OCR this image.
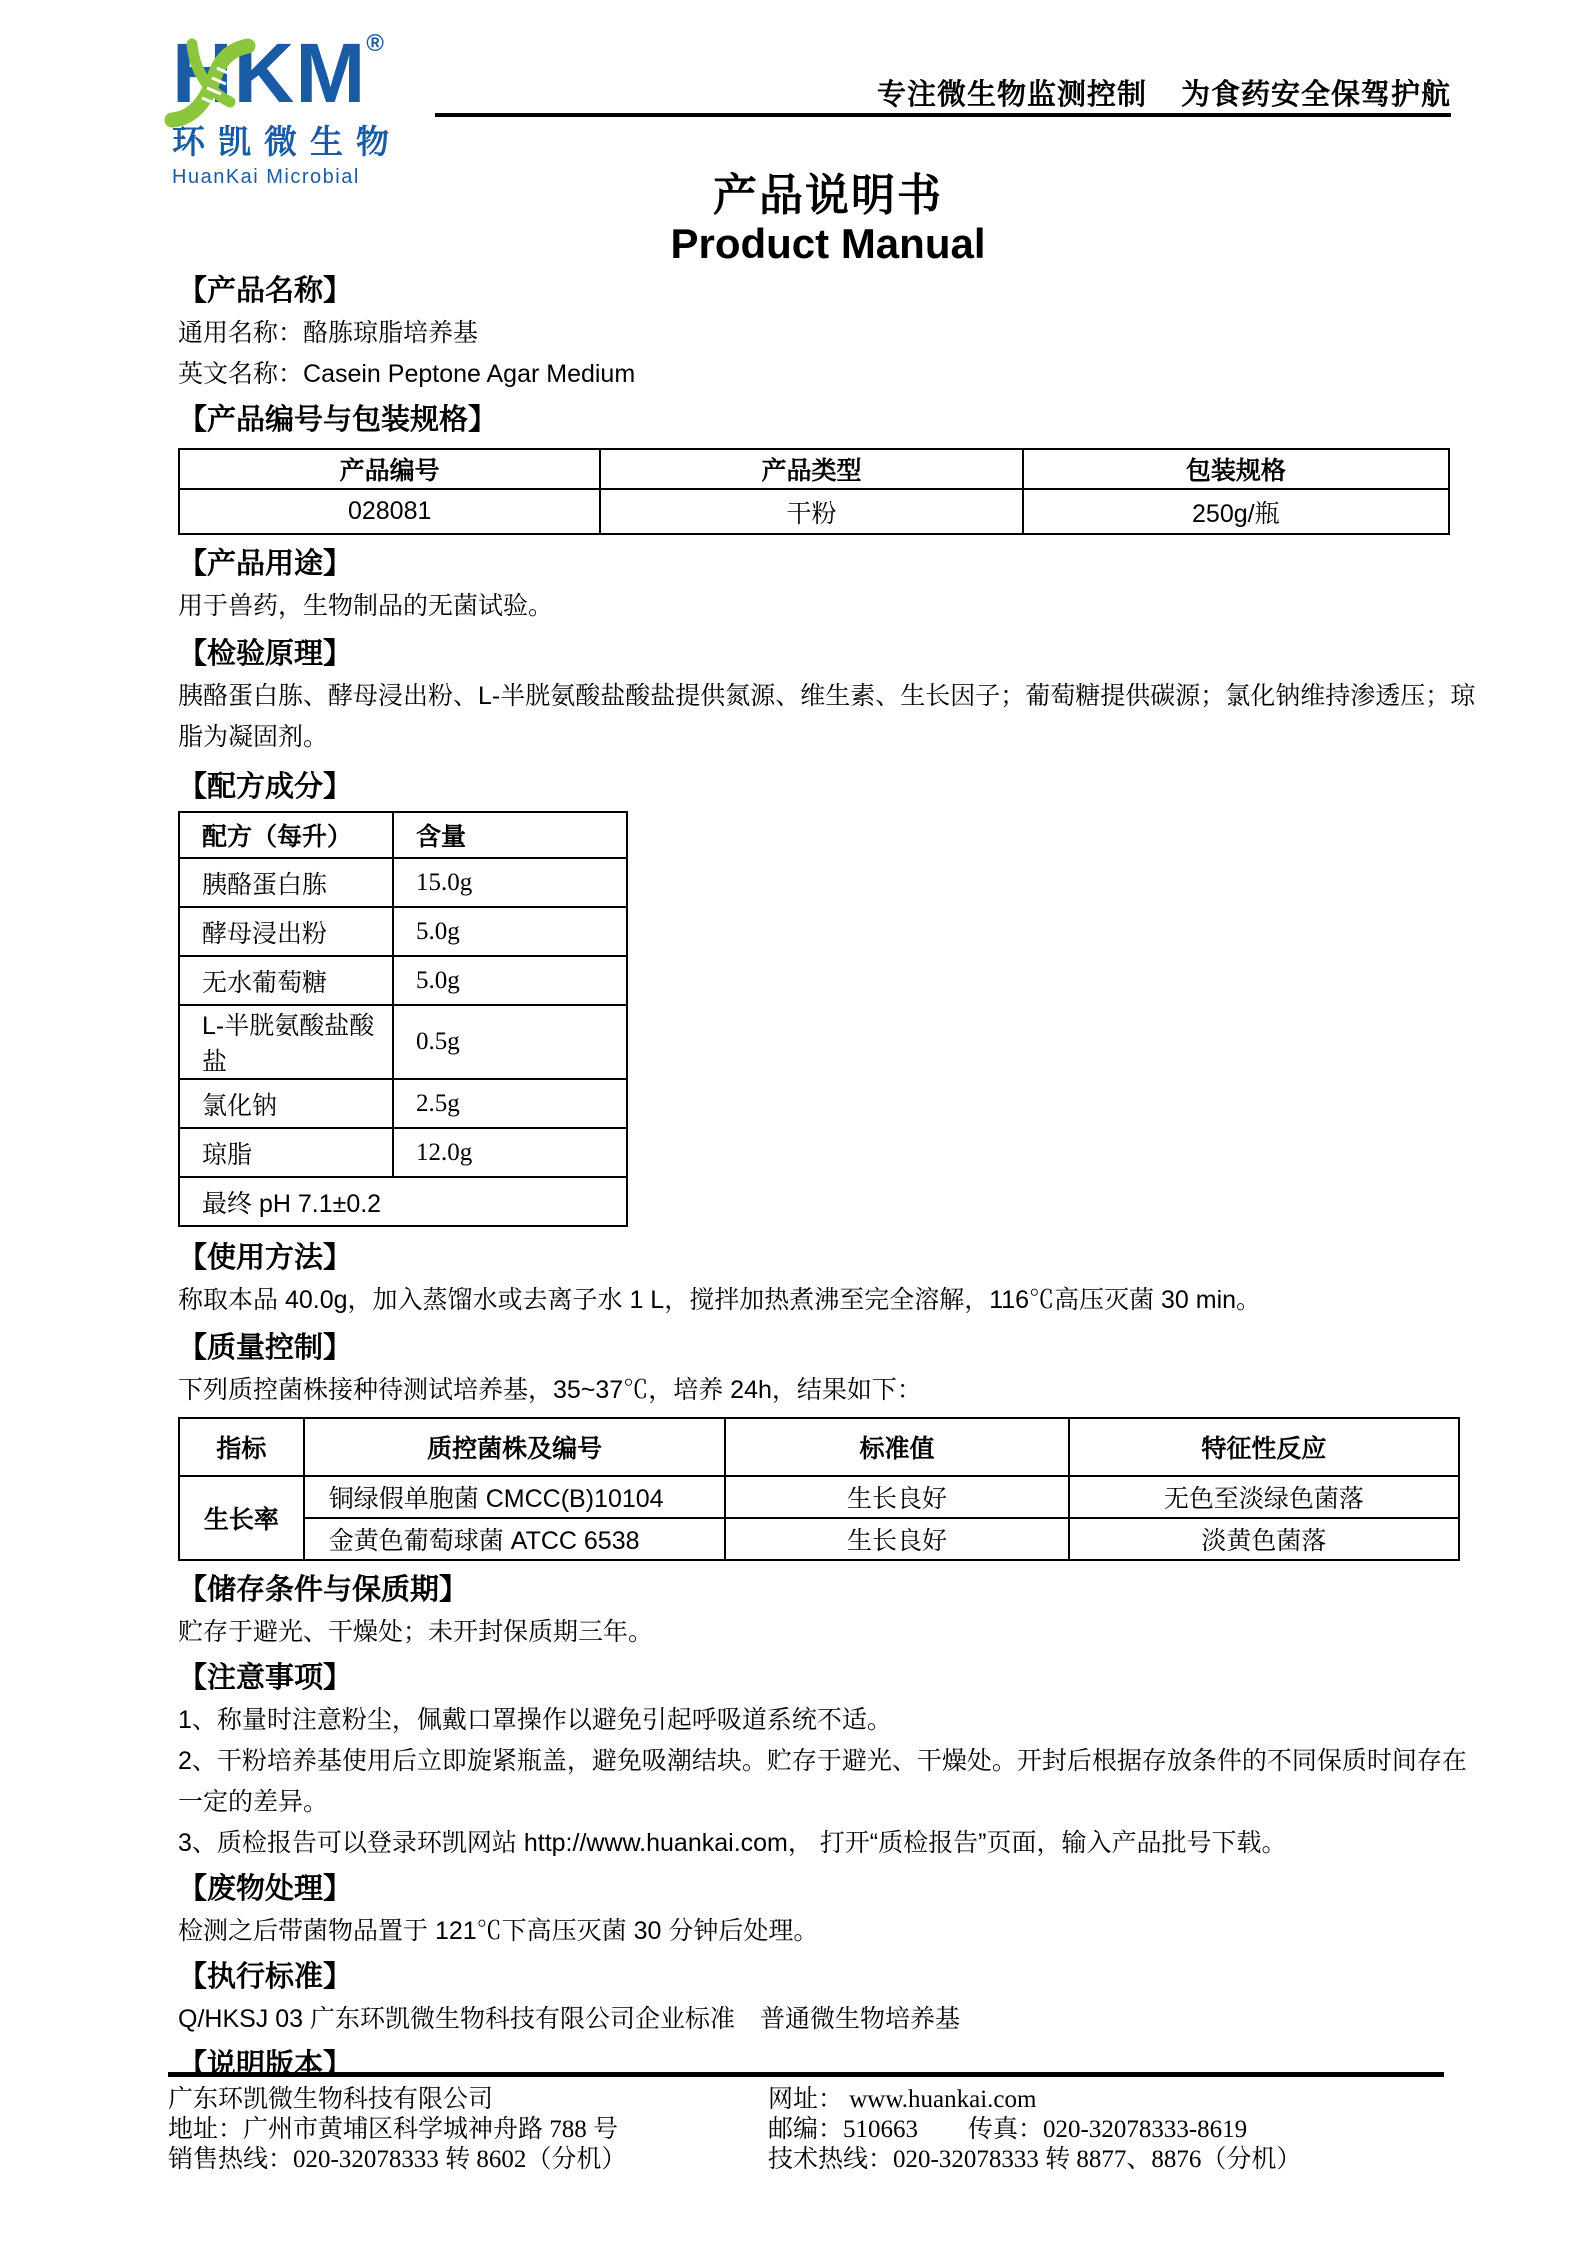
HKM®
环凯微生物
HuanKai Microbial
专注微生物监测控制 为食药安全保驾护航
产品说明书
Product Manual
【产品名称】

通用名称：酪胨琼脂培养基

英文名称：Casein Peptone Agar Medium

【产品编号与包装规格】
产品编号	产品类型	包装规格
028081	干粉	250g/瓶
【产品用途】

用于兽药，生物制品的无菌试验。

【检验原理】

胰酪蛋白胨、酵母浸出粉、L-半胱氨酸盐酸盐提供氮源、维生素、生长因子；葡萄糖提供碳源；氯化钠维持渗透压；琼脂为凝固剂。

【配方成分】
配方（每升）	含量
胰酪蛋白胨	15.0g
酵母浸出粉	5.0g
无水葡萄糖	5.0g
L-半胱氨酸盐酸盐	0.5g
氯化钠	2.5g
琼脂	12.0g
最终 pH 7.1±0.2	
【使用方法】

称取本品 40.0g，加入蒸馏水或去离子水 1 L，搅拌加热煮沸至完全溶解，116℃高压灭菌 30 min。

【质量控制】

下列质控菌株接种待测试培养基，35~37℃，培养 24h，结果如下：

指标	质控菌株及编号	标准值	特征性反应
生长率	铜绿假单胞菌 CMCC(B)10104	生长良好	无色至淡绿色菌落
	金黄色葡萄球菌 ATCC 6538	生长良好	淡黄色菌落
【储存条件与保质期】

贮存于避光、干燥处；未开封保质期三年。

【注意事项】

1、称量时注意粉尘，佩戴口罩操作以避免引起呼吸道系统不适。

2、干粉培养基使用后立即旋紧瓶盖，避免吸潮结块。贮存于避光、干燥处。开封后根据存放条件的不同保质时间存在一定的差异。

3、质检报告可以登录环凯网站 http://www.huankai.com， 打开“质检报告”页面，输入产品批号下载。

【废物处理】

检测之后带菌物品置于 121℃下高压灭菌 30 分钟后处理。

【执行标准】

Q/HKSJ 03 广东环凯微生物科技有限公司企业标准　普通微生物培养基

【说明版本】
广东环凯微生物科技有限公司
地址：广州市黄埔区科学城神舟路 788 号
销售热线：020-32078333 转 8602（分机）
网址： www.huankai.com
邮编：510663　　传真：020-32078333-8619
技术热线：020-32078333 转 8877、8876（分机）
